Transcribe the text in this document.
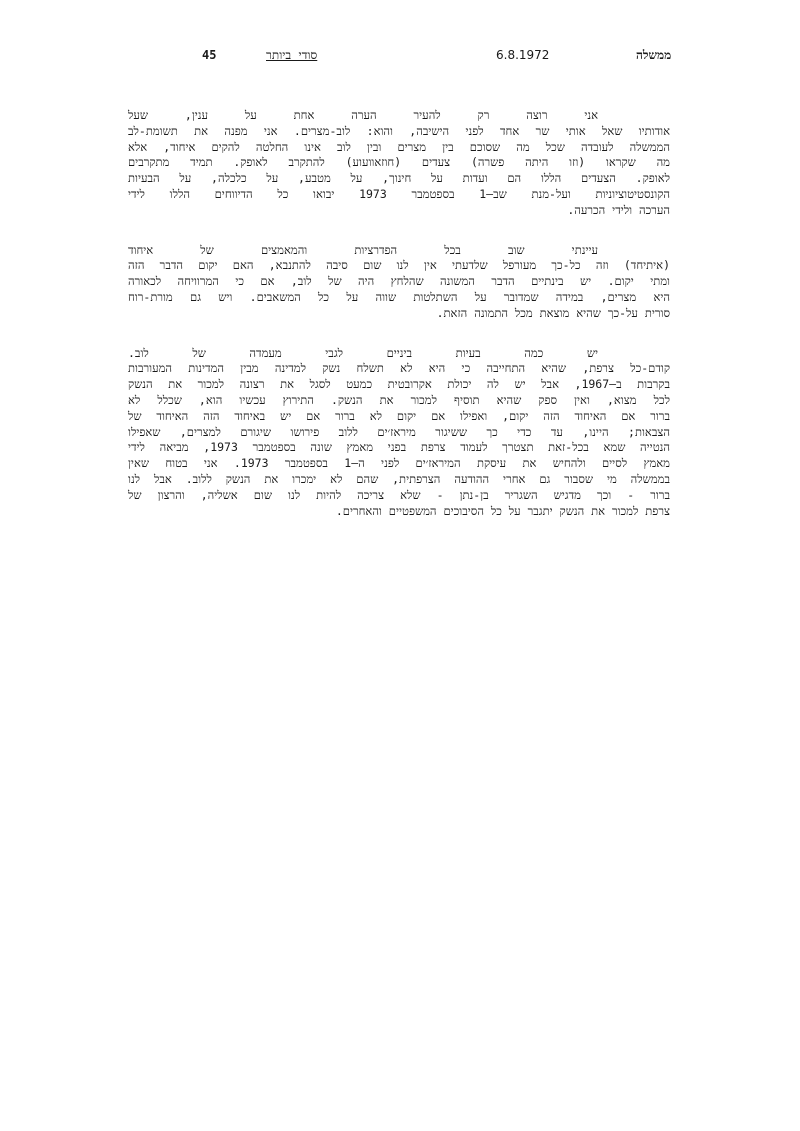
45	סודי ביותר	6.8.1972	ממשלה
אני רוצה רק להעיר הערה אחת על ענין, שעל
אודותיו שאל אותי שר אחד לפני הישיבה, והוא: לוב-מצרים. אני מפנה את תשומת-לב
הממשלה לעובדה שכל מה שסוכם בין מצרים ובין לוב אינו החלטה להקים איחוד, אלא
מה שקראו (וזו היתה פשרה) צעדים (חוזאוועוע) להתקרב לאופק. תמיד מתקרבים
לאופק. הצעדים הללו הם ועדות על חינוך, על מטבע, על כלכלה, על הבעיות
הקונסטיטוציוניות ועל-מנת שב–1 בספטמבר 1973 יבואו כל הדיווחים הללו לידי
הערכה ולידי הכרעה.
עיינתי שוב בכל הפדרציות והמאמצים של איחוד
(איתיחד) וזה כל-כך מעורפל שלדעתי אין לנו שום סיבה להתנבא, האם יקום הדבר הזה
ומתי יקום. יש בינתיים הדבר המשונה שהלחץ היה של לוב, אם כי המרוויחה לכאורה
היא מצרים, במידה שמדובר על השתלטות שווה על כל המשאבים. ויש גם מורת-רוח
סורית על-כך שהיא מוצאת מכל התמונה הזאת.
יש כמה בעיות ביניים לגבי מעמדה של לוב.
קודם-כל צרפת, שהיא התחייבה כי היא לא תשלח נשק למדינה מבין המדינות המעורבות
בקרבות ב–1967, אבל יש לה יכולת אקרובטית כמעט לסגל את רצונה למכור את הנשק
לכל מצוא, ואין ספק שהיא תוסיף למכור את הנשק. התירוץ עכשיו הוא, שכלל לא
ברור אם האיחוד הזה יקום, ואפילו אם יקום לא ברור אם יש באיחוד הזה האיחוד של
הצבאות; היינו, עד כדי כך ששיגור מיראז׳ים ללוב פירושו שיגורם למצרים, שאפילו
הנטייה שמא בכל-זאת תצטרך לעמוד צרפת בפני מאמץ שונה בספטמבר 1973, מביאה לידי
מאמץ לסיים ולהחיש את עיסקת המיראז׳ים לפני ה–1 בספטמבר 1973. אני בטוח שאין
בממשלה מי שסבור גם אחרי ההודעה הצרפתית, שהם לא ימכרו את הנשק ללוב. אבל לנו
ברור - וכך מדגיש השגריר בן-נתן - שלא צריכה להיות לנו שום אשליה, והרצון של
צרפת למכור את הנשק יתגבר על כל הסיבוכים המשפטיים והאחרים.
